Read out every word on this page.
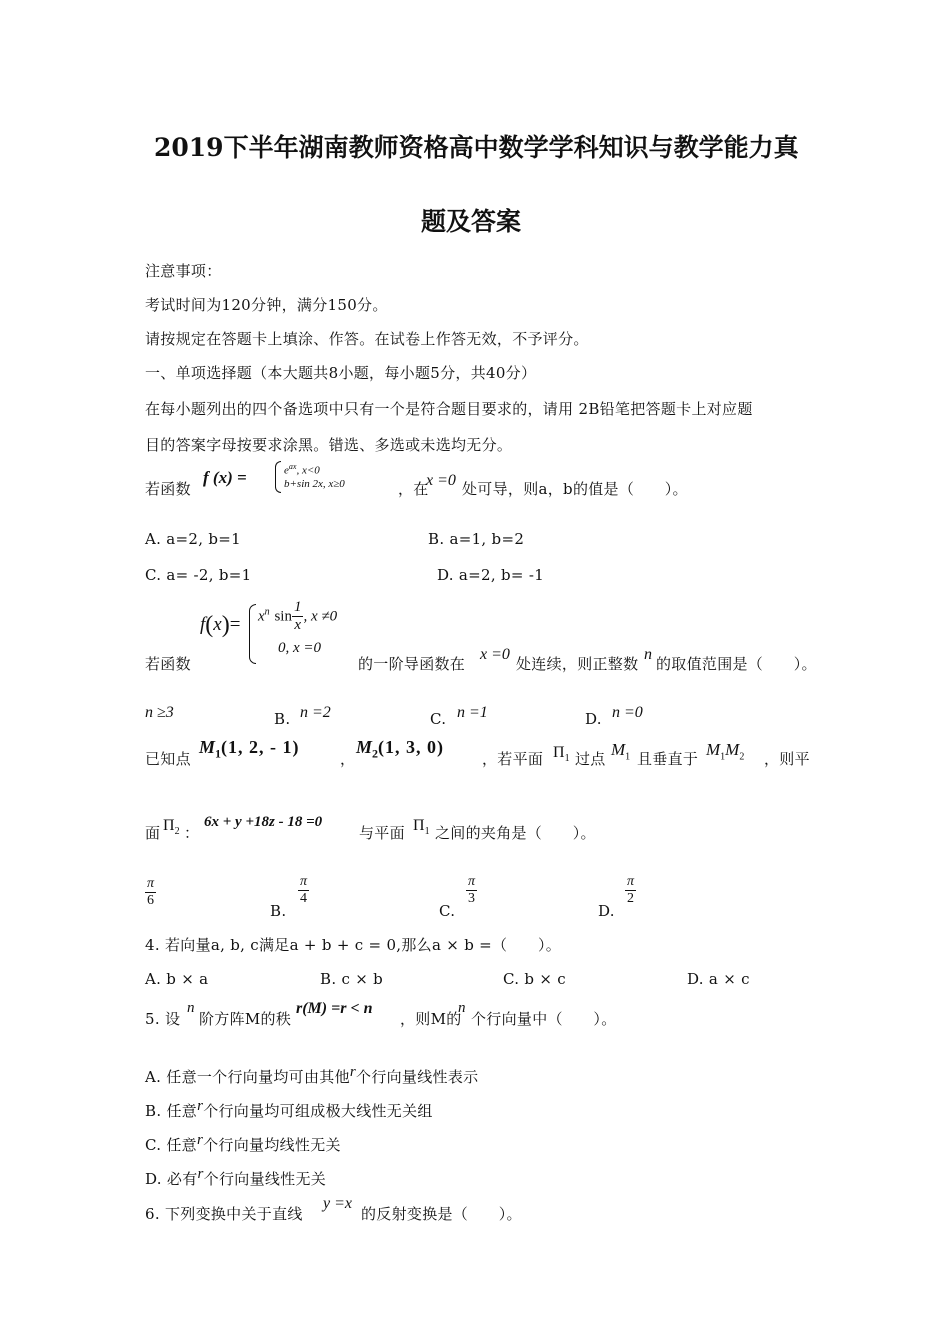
2019下半年湖南教师资格高中数学学科知识与教学能力真
题及答案
注意事项：
考试时间为120分钟，满分150分。
请按规定在答题卡上填涂、作答。在试卷上作答无效，不予评分。
一、单项选择题（本大题共8小题，每小题5分，共40分）
在每小题列出的四个备选项中只有一个是符合题目要求的，请用 2B铅笔把答题卡上对应题
目的答案字母按要求涂黑。错选、多选或未选均无分。
若函数
f (x) =	$e^{ax}$, x<0
b+sin 2x, x≥0	，在
x =0 处可导，则a，b的值是（　　）。
A. a=2, b=1	B. a=1, b=2
C. a= -2, b=1	D. a=2, b= -1
若函数
$f(x)= x^n$ $\sin \frac{1}{x}$ , x ≠0
0, x =0
的一阶导函数在
x =0
处连续，则正整数
n
的取值范围是（　　）。
n ≥3	B. n =2	C. n =1	D. n =0
已知点
$M_1(1$, 2, - 1)
，
$M_2(1$, 3, 0)
，若平面 $\Pi_1$ 过点 $M_1$ 且垂直于 $M_1M_2$ ，则平
面 $\Pi_2$ ：
6x + y +18z - 18 =0
与平面 $\Pi_1$ 之间的夹角是（　　）。
$\frac{\pi}{6}$
B.
$\frac{\pi}{4}$
C.
$\frac{\pi}{3}$
D.
$\frac{\pi}{2}$
4. 若向量a, b, c满足a + b + c = 0,那么a × b =（　　）。
A. b × a	B. c × b	C. b × c	D. a × c
5. 设
n
阶方阵M的秩
r(M) =r < n
，则M的
n
个行向量中（　　）。
A. 任意一个行向量均可由其他r个行向量线性表示
B. 任意r个行向量均可组成极大线性无关组
C. 任意r个行向量均线性无关
D. 必有r个行向量线性无关
6. 下列变换中关于直线
y =x
的反射变换是（　　）。
